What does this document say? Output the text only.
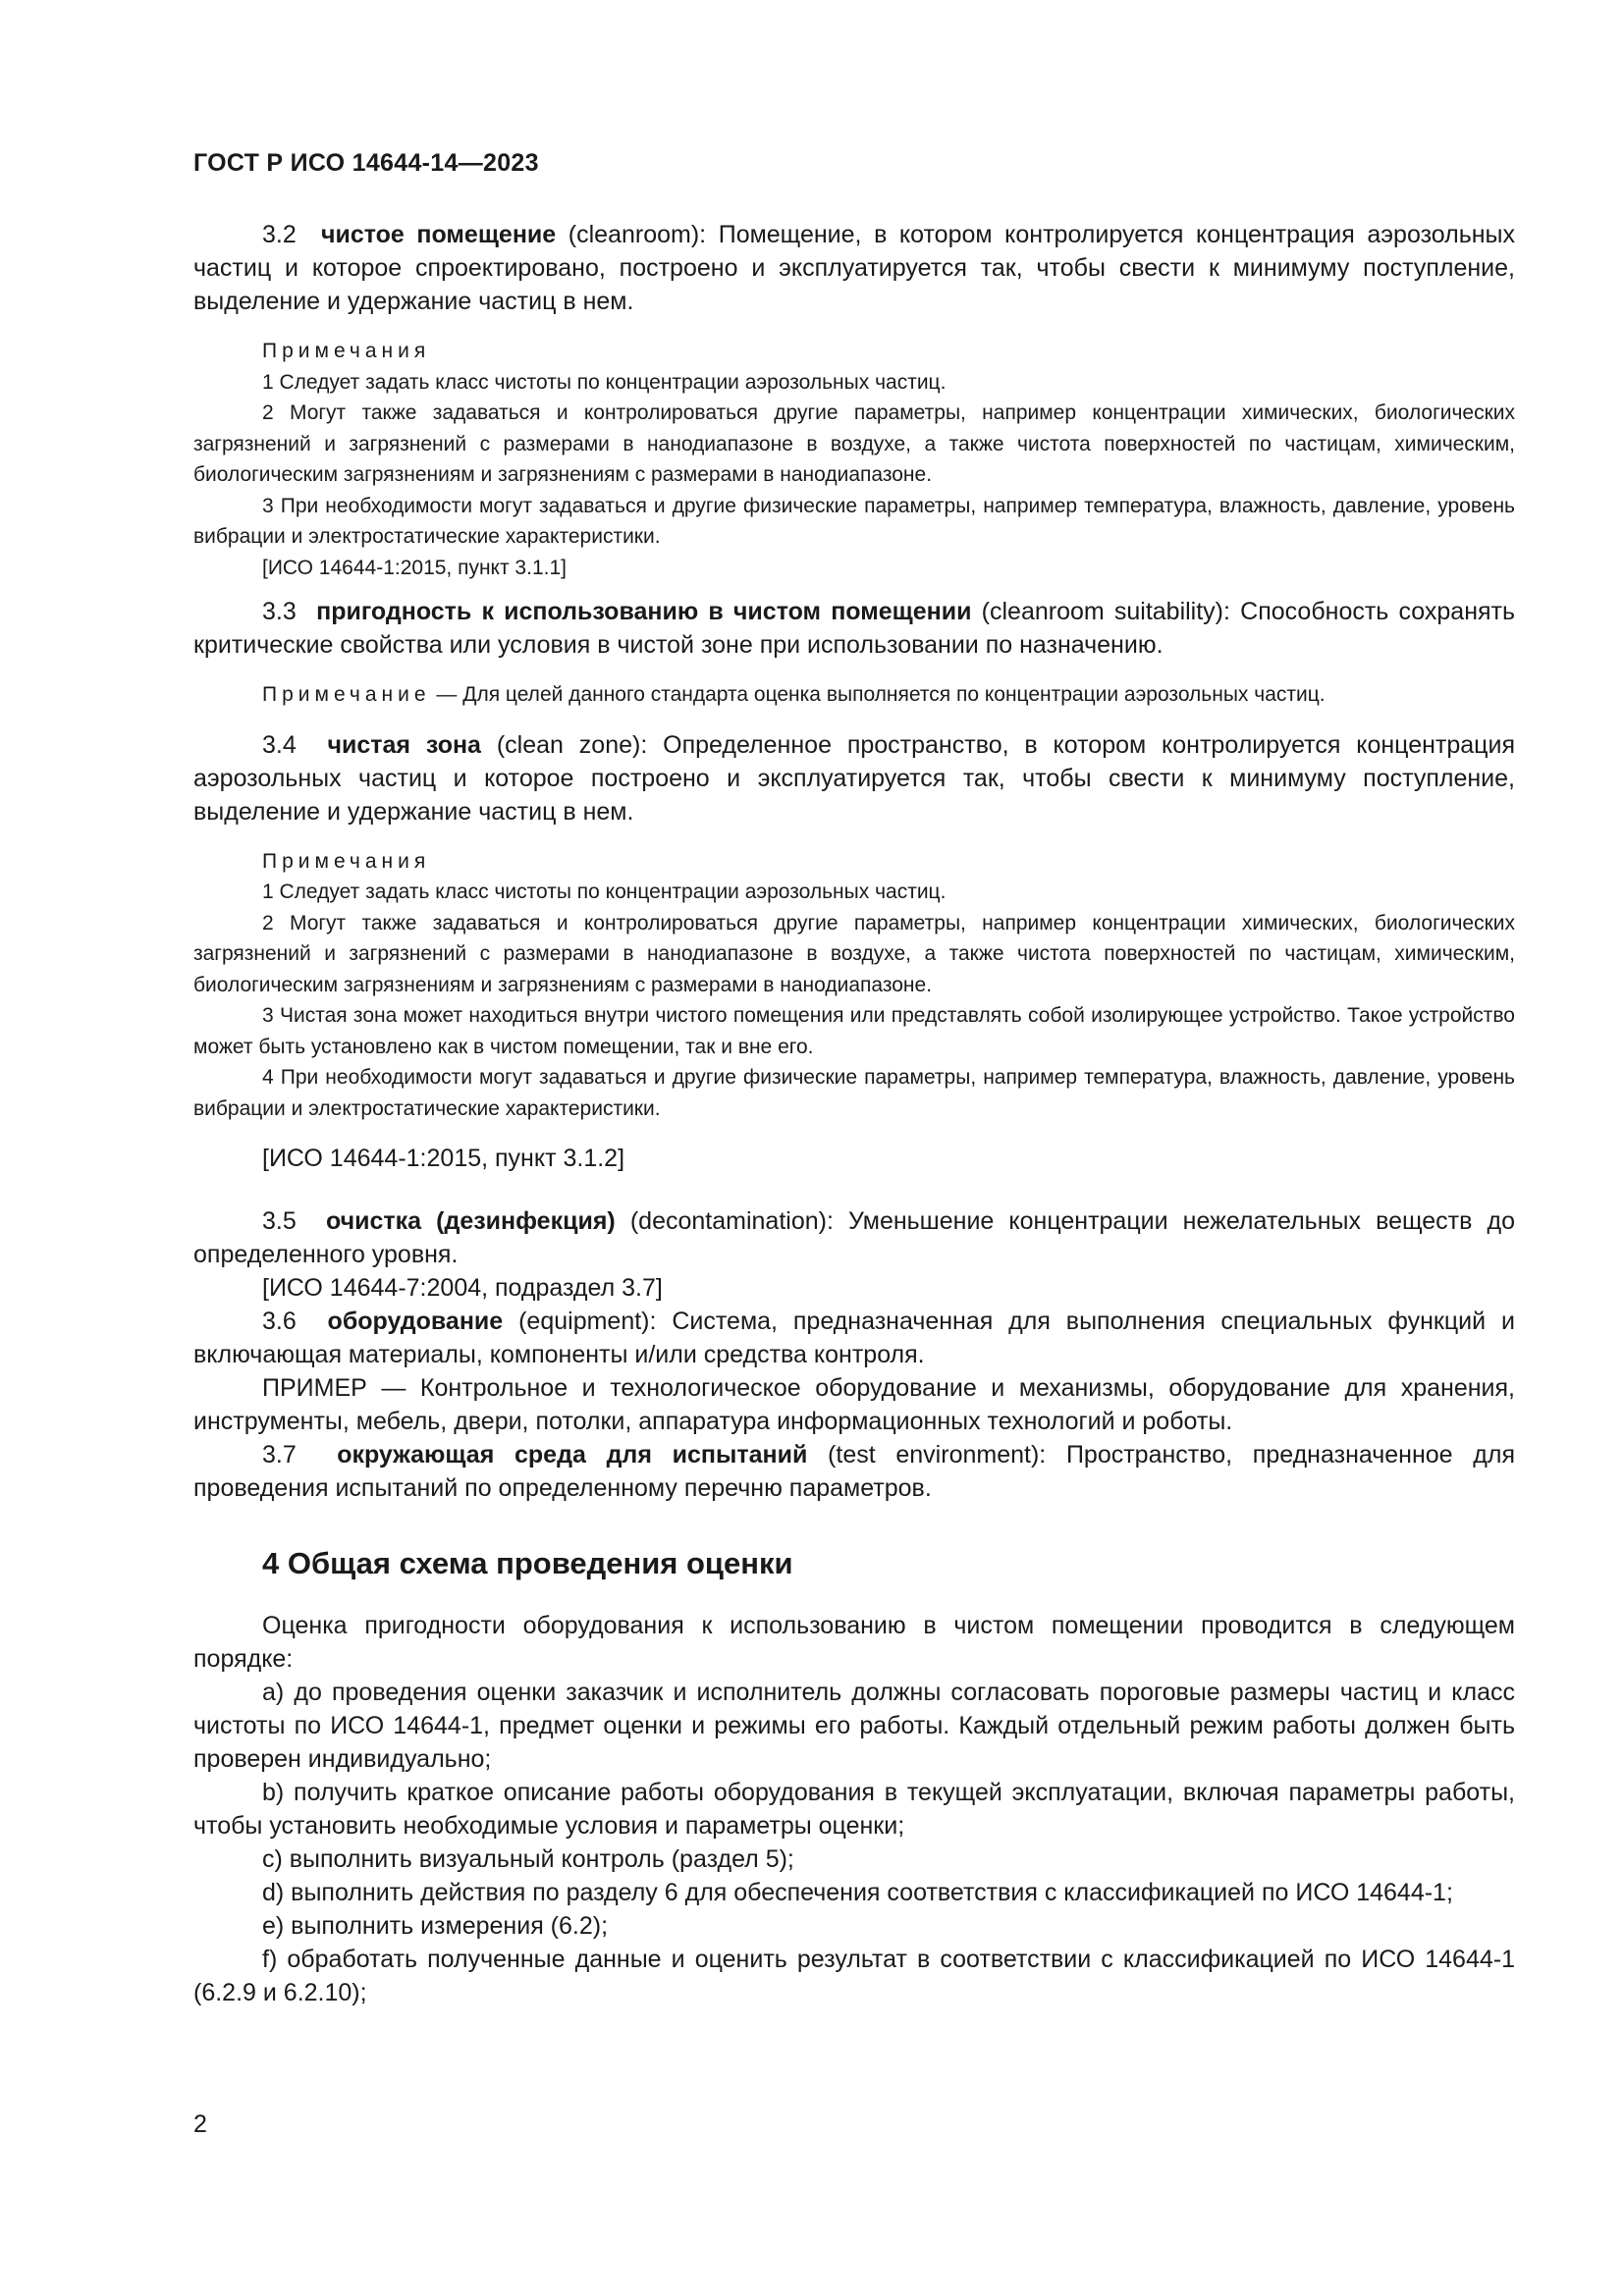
ГОСТ Р ИСО 14644-14—2023

3.2 чистое помещение (cleanroom): Помещение, в котором контролируется концентрация аэрозольных частиц и которое спроектировано, построено и эксплуатируется так, чтобы свести к минимуму поступление, выделение и удержание частиц в нем.

Примечания

1 Следует задать класс чистоты по концентрации аэрозольных частиц.

2 Могут также задаваться и контролироваться другие параметры, например концентрации химических, биологических загрязнений и загрязнений с размерами в нанодиапазоне в воздухе, а также чистота поверхностей по частицам, химическим, биологическим загрязнениям и загрязнениям с размерами в нанодиапазоне.

3 При необходимости могут задаваться и другие физические параметры, например температура, влажность, давление, уровень вибрации и электростатические характеристики.

[ИСО 14644-1:2015, пункт 3.1.1]

3.3 пригодность к использованию в чистом помещении (cleanroom suitability): Способность сохранять критические свойства или условия в чистой зоне при использовании по назначению.

Примечание — Для целей данного стандарта оценка выполняется по концентрации аэрозольных частиц.

3.4 чистая зона (clean zone): Определенное пространство, в котором контролируется концентрация аэрозольных частиц и которое построено и эксплуатируется так, чтобы свести к минимуму поступление, выделение и удержание частиц в нем.

Примечания

1 Следует задать класс чистоты по концентрации аэрозольных частиц.

2 Могут также задаваться и контролироваться другие параметры, например концентрации химических, биологических загрязнений и загрязнений с размерами в нанодиапазоне в воздухе, а также чистота поверхностей по частицам, химическим, биологическим загрязнениям и загрязнениям с размерами в нанодиапазоне.

3 Чистая зона может находиться внутри чистого помещения или представлять собой изолирующее устройство. Такое устройство может быть установлено как в чистом помещении, так и вне его.

4 При необходимости могут задаваться и другие физические параметры, например температура, влажность, давление, уровень вибрации и электростатические характеристики.

[ИСО 14644-1:2015, пункт 3.1.2]

3.5 очистка (дезинфекция) (decontamination): Уменьшение концентрации нежелательных веществ до определенного уровня.

[ИСО 14644-7:2004, подраздел 3.7]

3.6 оборудование (equipment): Система, предназначенная для выполнения специальных функций и включающая материалы, компоненты и/или средства контроля.

ПРИМЕР — Контрольное и технологическое оборудование и механизмы, оборудование для хранения, инструменты, мебель, двери, потолки, аппаратура информационных технологий и роботы.

3.7 окружающая среда для испытаний (test environment): Пространство, предназначенное для проведения испытаний по определенному перечню параметров.

4 Общая схема проведения оценки

Оценка пригодности оборудования к использованию в чистом помещении проводится в следующем порядке:

a) до проведения оценки заказчик и исполнитель должны согласовать пороговые размеры частиц и класс чистоты по ИСО 14644-1, предмет оценки и режимы его работы. Каждый отдельный режим работы должен быть проверен индивидуально;

b) получить краткое описание работы оборудования в текущей эксплуатации, включая параметры работы, чтобы установить необходимые условия и параметры оценки;

c) выполнить визуальный контроль (раздел 5);

d) выполнить действия по разделу 6 для обеспечения соответствия с классификацией по ИСО 14644-1;

e) выполнить измерения (6.2);

f) обработать полученные данные и оценить результат в соответствии с классификацией по ИСО 14644-1 (6.2.9 и 6.2.10);

2
